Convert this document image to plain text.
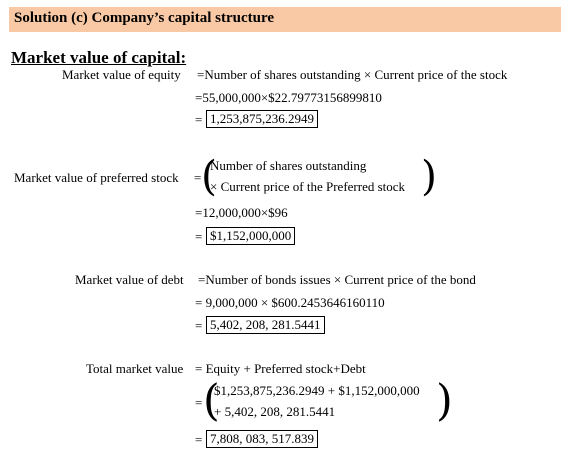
Solution (c) Company’s capital structure
Market value of capital:
Market value of equity =Number of shares outstanding × Current price of the stock
=55,000,000×$22.79773156899810
= 1,253,875,236.2949
Market value of preferred stock = (
Number of shares outstanding
× Current price of the Preferred stock )
=12,000,000×$96
= $1,152,000,000
Market value of debt =Number of bonds issues × Current price of the bond
= 9,000,000 × $600.2453646160110
= 5,402, 208, 281.5441
Total market value = Equity + Preferred stock+Debt
= (
$1,253,875,236.2949 + $1,152,000,000
+ 5,402, 208, 281.5441 )
= 7,808, 083, 517.839
